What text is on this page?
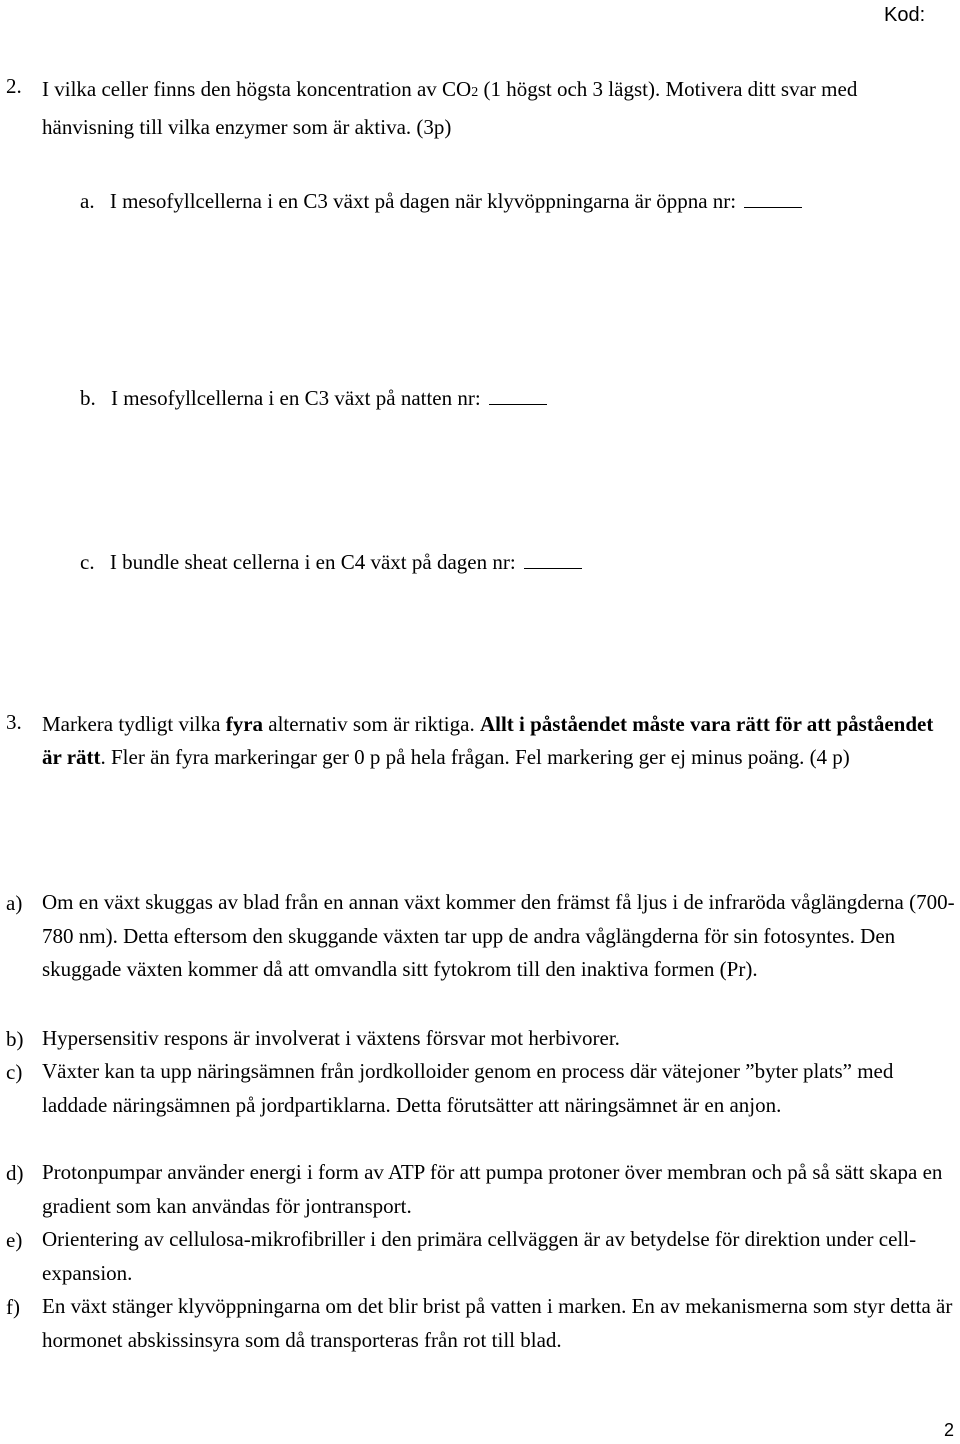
Kod:
2. I vilka celler finns den högsta koncentration av CO2 (1 högst och 3 lägst). Motivera ditt svar med hänvisning till vilka enzymer som är aktiva. (3p)
a. I mesofyllcellerna i en C3 växt på dagen när klyvöppningarna är öppna nr:
b. I mesofyllcellerna i en C3 växt på natten nr:
c. I bundle sheat cellerna i en C4 växt på dagen nr:
3. Markera tydligt vilka fyra alternativ som är riktiga. Allt i påståendet måste vara rätt för att påståendet är rätt. Fler än fyra markeringar ger 0 p på hela frågan. Fel markering ger ej minus poäng. (4 p)
a) Om en växt skuggas av blad från en annan växt kommer den främst få ljus i de infraröda våglängderna (700-780 nm). Detta eftersom den skuggande växten tar upp de andra våglängderna för sin fotosyntes. Den skuggade växten kommer då att omvandla sitt fytokrom till den inaktiva formen (Pr).
b) Hypersensitiv respons är involverat i växtens försvar mot herbivorer.
c) Växter kan ta upp näringsämnen från jordkolloider genom en process där vätejoner ”byter plats” med laddade näringsämnen på jordpartiklarna. Detta förutsätter att näringsämnet är en anjon.
d) Protonpumpar använder energi i form av ATP för att pumpa protoner över membran och på så sätt skapa en gradient som kan användas för jontransport.
e) Orientering av cellulosa-mikrofibriller i den primära cellväggen är av betydelse för direktion under cell-expansion.
f) En växt stänger klyvöppningarna om det blir brist på vatten i marken. En av mekanismerna som styr detta är hormonet abskissinsyra som då transporteras från rot till blad.
2
